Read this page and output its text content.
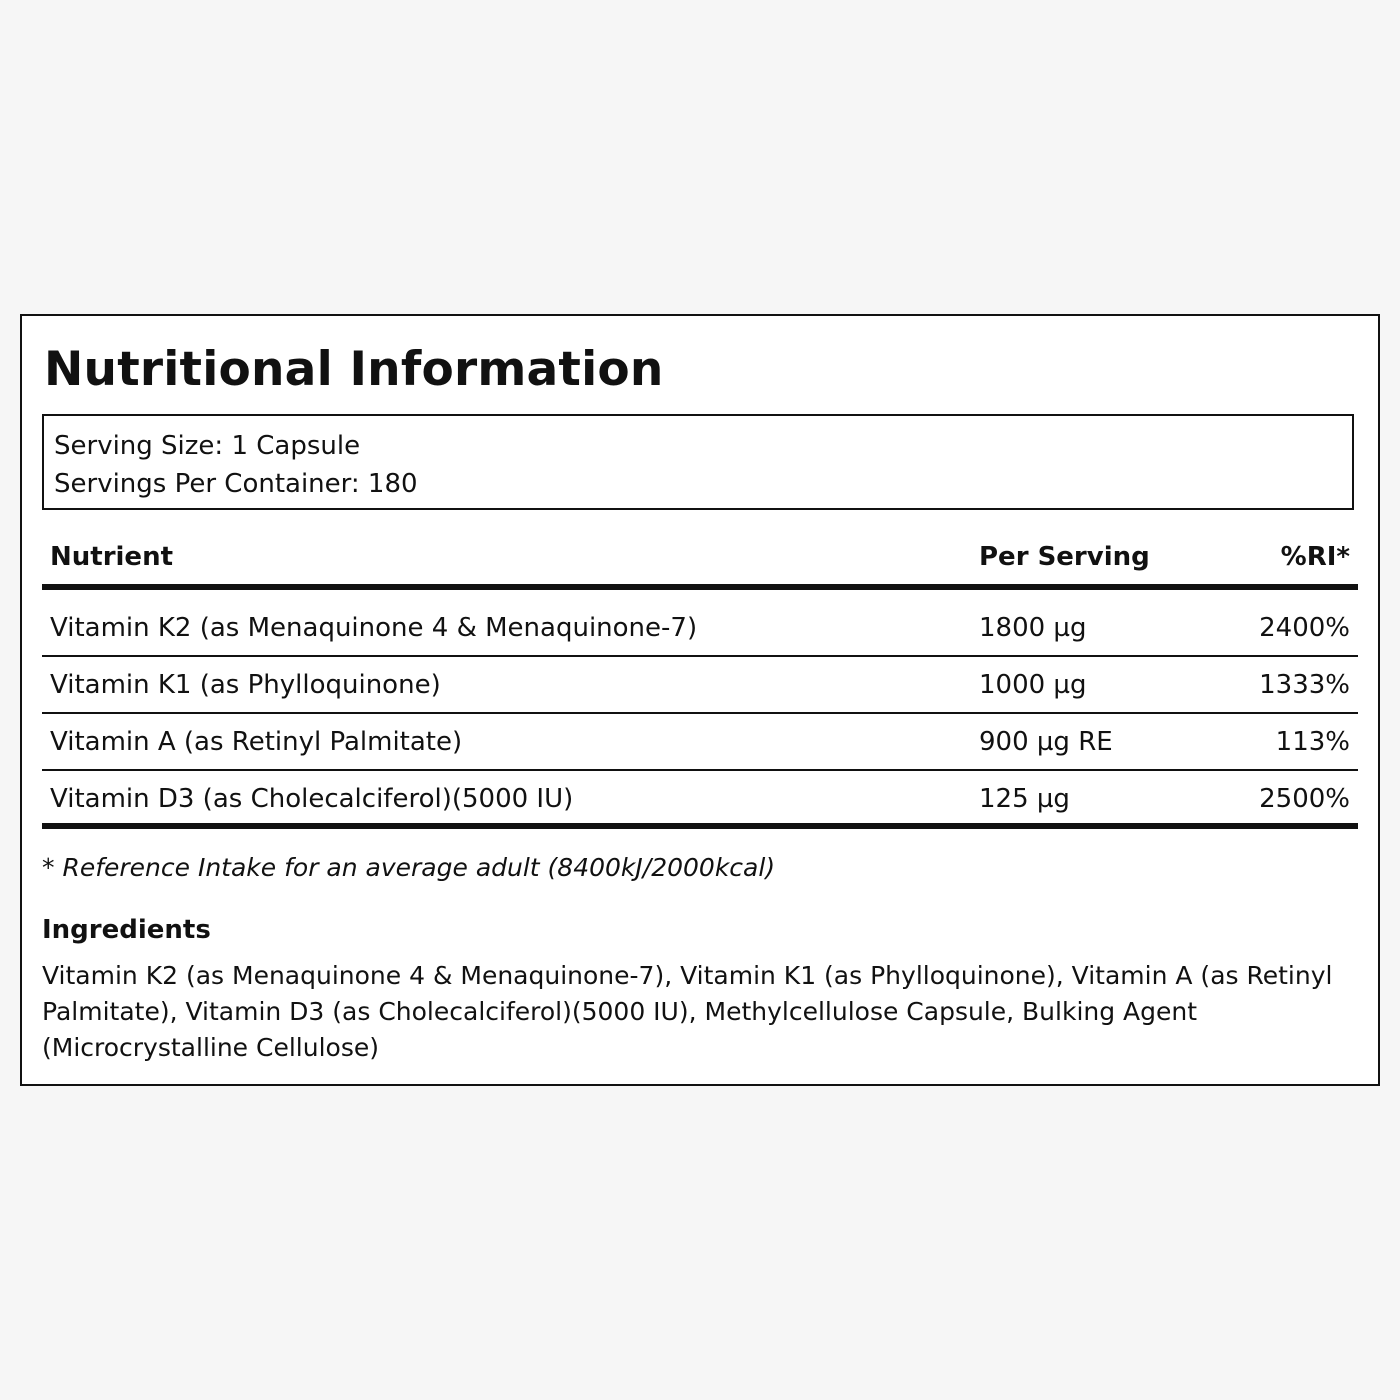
Nutritional Information
Serving Size: 1 Capsule
Servings Per Container: 180
Nutrient	Per Serving	%RI*
Vitamin K2 (as Menaquinone 4 & Menaquinone-7)	1800 µg	2400%
Vitamin K1 (as Phylloquinone)	1000 µg	1333%
Vitamin A (as Retinyl Palmitate)	900 µg RE	113%
Vitamin D3 (as Cholecalciferol)(5000 IU)	125 µg	2500%
* Reference Intake for an average adult (8400kJ/2000kcal)
Ingredients
Vitamin K2 (as Menaquinone 4 & Menaquinone-7), Vitamin K1 (as Phylloquinone), Vitamin A (as Retinyl Palmitate), Vitamin D3 (as Cholecalciferol)(5000 IU), Methylcellulose Capsule, Bulking Agent (Microcrystalline Cellulose)
